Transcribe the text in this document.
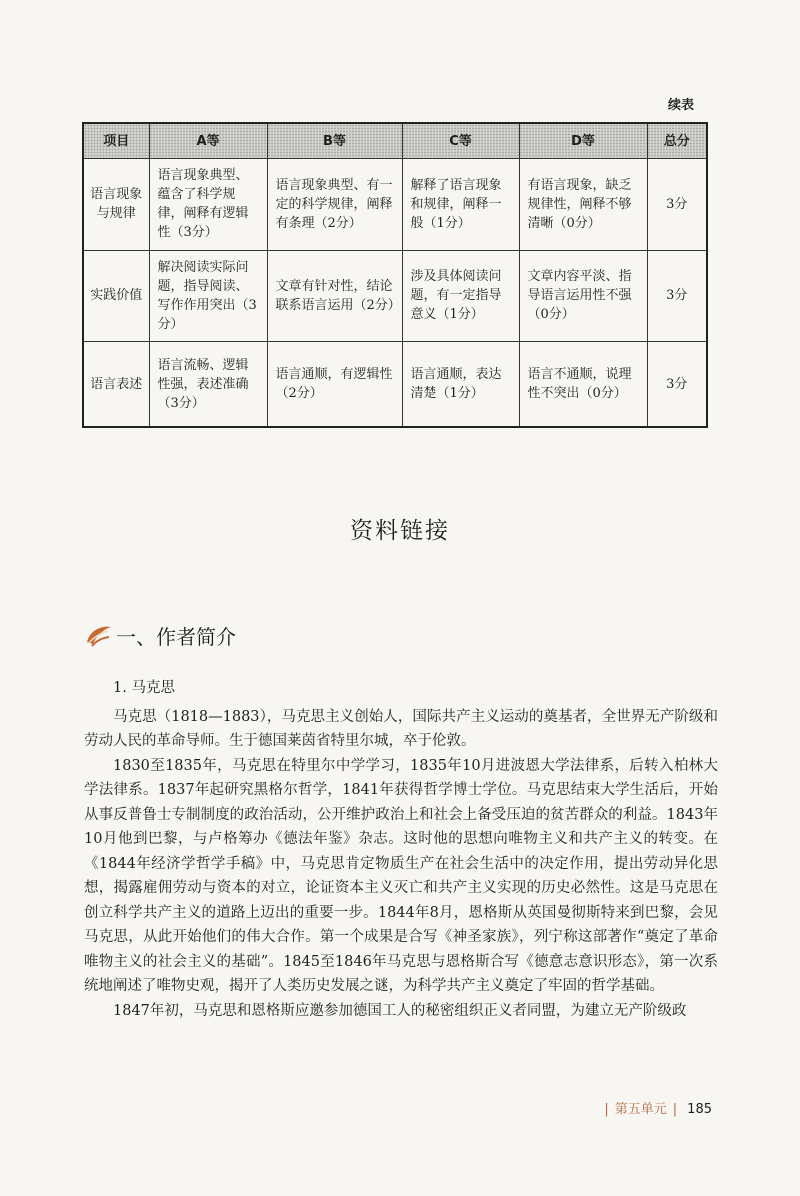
续表
项目	A等	B等	C等	D等	总分
语言现象与规律	语言现象典型、蕴含了科学规律，阐释有逻辑性（3分）	语言现象典型、有一定的科学规律，阐释有条理（2分）	解释了语言现象和规律，阐释一般（1分）	有语言现象，缺乏规律性，阐释不够清晰（0分）	3分
实践价值	解决阅读实际问题，指导阅读、写作作用突出（3分）	文章有针对性，结论联系语言运用（2分）	涉及具体阅读问题，有一定指导意义（1分）	文章内容平淡、指导语言运用性不强（0分）	3分
语言表述	语言流畅、逻辑性强，表述准确（3分）	语言通顺，有逻辑性（2分）	语言通顺，表达清楚（1分）	语言不通顺，说理性不突出（0分）	3分
资料链接
一、作者简介

1. 马克思

马克思（1818—1883），马克思主义创始人，国际共产主义运动的奠基者，全世界无产阶级和劳动人民的革命导师。生于德国莱茵省特里尔城，卒于伦敦。

1830至1835年，马克思在特里尔中学学习，1835年10月进波恩大学法律系，后转入柏林大学法律系。1837年起研究黑格尔哲学，1841年获得哲学博士学位。马克思结束大学生活后，开始从事反普鲁士专制制度的政治活动，公开维护政治上和社会上备受压迫的贫苦群众的利益。1843年10月他到巴黎，与卢格筹办《德法年鉴》杂志。这时他的思想向唯物主义和共产主义的转变。在《1844年经济学哲学手稿》中，马克思肯定物质生产在社会生活中的决定作用，提出劳动异化思想，揭露雇佣劳动与资本的对立，论证资本主义灭亡和共产主义实现的历史必然性。这是马克思在创立科学共产主义的道路上迈出的重要一步。1844年8月，恩格斯从英国曼彻斯特来到巴黎，会见马克思，从此开始他们的伟大合作。第一个成果是合写《神圣家族》，列宁称这部著作“奠定了革命唯物主义的社会主义的基础”。1845至1846年马克思与恩格斯合写《德意志意识形态》，第一次系统地阐述了唯物史观，揭开了人类历史发展之谜，为科学共产主义奠定了牢固的哲学基础。

1847年初，马克思和恩格斯应邀参加德国工人的秘密组织正义者同盟，为建立无产阶级政

| 第五单元 | 185
